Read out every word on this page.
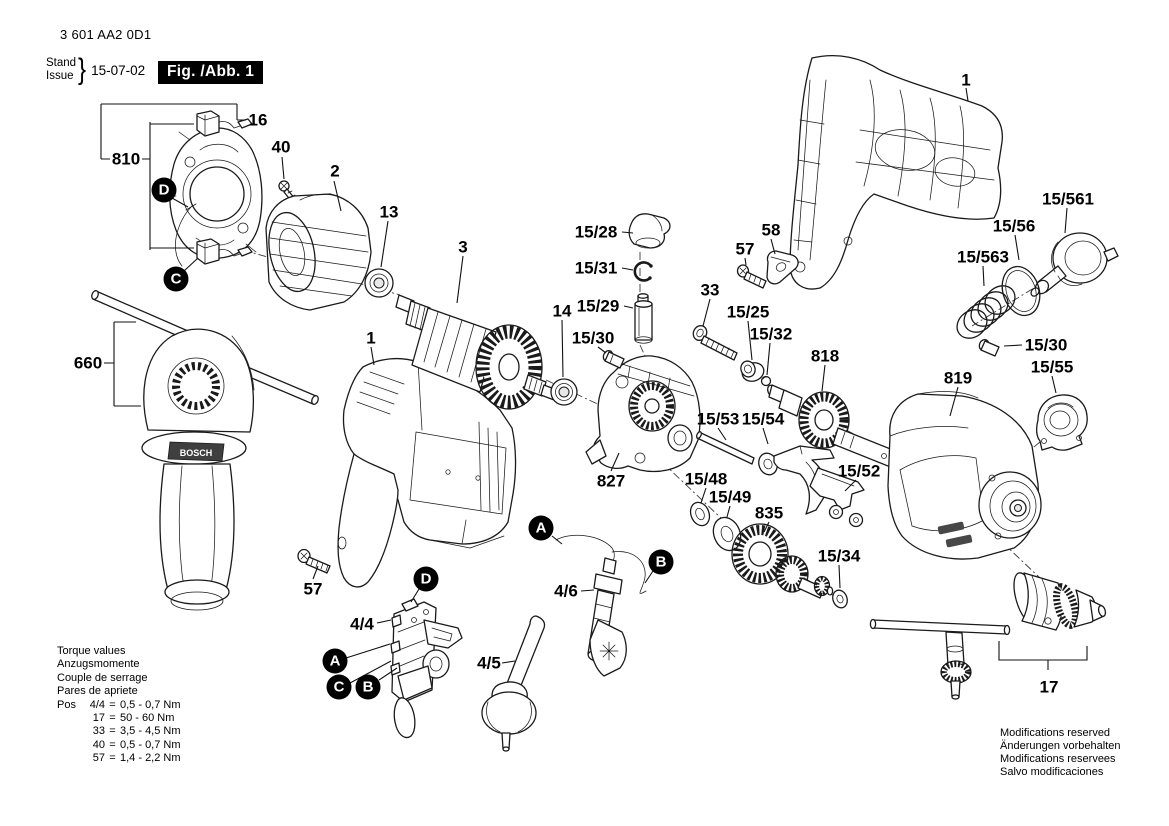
BOSCH
3 601 AA2 0D1
Stand
Issue } 15-07-02	Fig. /Abb. 1
16
810
40
2
13
3
660
1
14
15/28
15/31
15/29
15/30
57
58
33
15/25
15/32
818
819
1
15/561
15/56
15/563
15/30
15/55
827
15/53 15/54
15/48
15/49
15/52
835
15/34
4/6
57
4/4
4/5
17
D
C
A
B
D
A
C	B
Torque values
Anzugsmomente
Couple de serrage
Pares de apriete
Pos	4/4 = 0,5 - 0,7 Nm
17 = 50 - 60 Nm
33 = 3,5 - 4,5 Nm
40 = 0,5 - 0,7 Nm
57 = 1,4 - 2,2 Nm
Modifications reserved
Änderungen vorbehalten
Modifications reservees
Salvo modificaciones
